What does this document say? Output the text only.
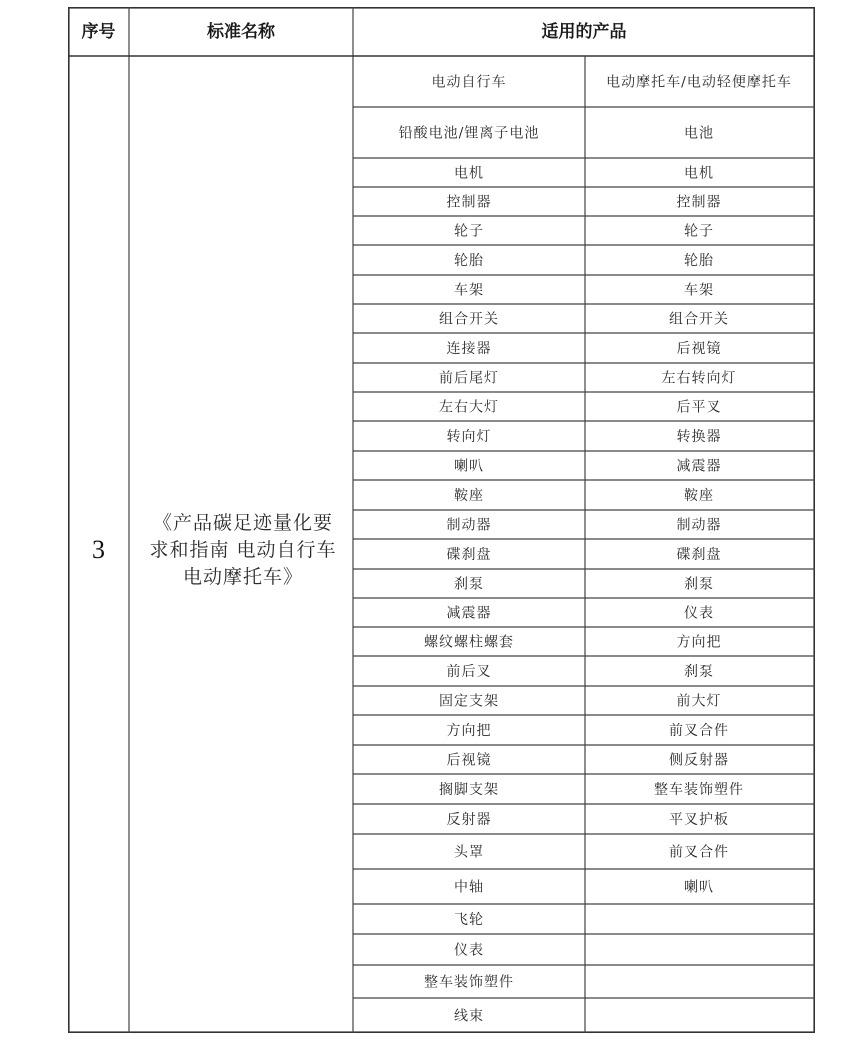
序号	标准名称	适用的产品
3
《产品碳足迹量化要
求和指南 电动自行车
电动摩托车》
电动自行车	电动摩托车/电动轻便摩托车
铅酸电池/锂离子电池	电池
电机	电机
控制器	控制器
轮子	轮子
轮胎	轮胎
车架	车架
组合开关	组合开关
连接器	后视镜
前后尾灯	左右转向灯
左右大灯	后平叉
转向灯	转换器
喇叭	减震器
鞍座	鞍座
制动器	制动器
碟刹盘	碟刹盘
刹泵	刹泵
减震器	仪表
螺纹螺柱螺套	方向把
前后叉	刹泵
固定支架	前大灯
方向把	前叉合件
后视镜	侧反射器
搁脚支架	整车装饰塑件
反射器	平叉护板
头罩	前叉合件
中轴	喇叭
飞轮
仪表
整车装饰塑件
线束
